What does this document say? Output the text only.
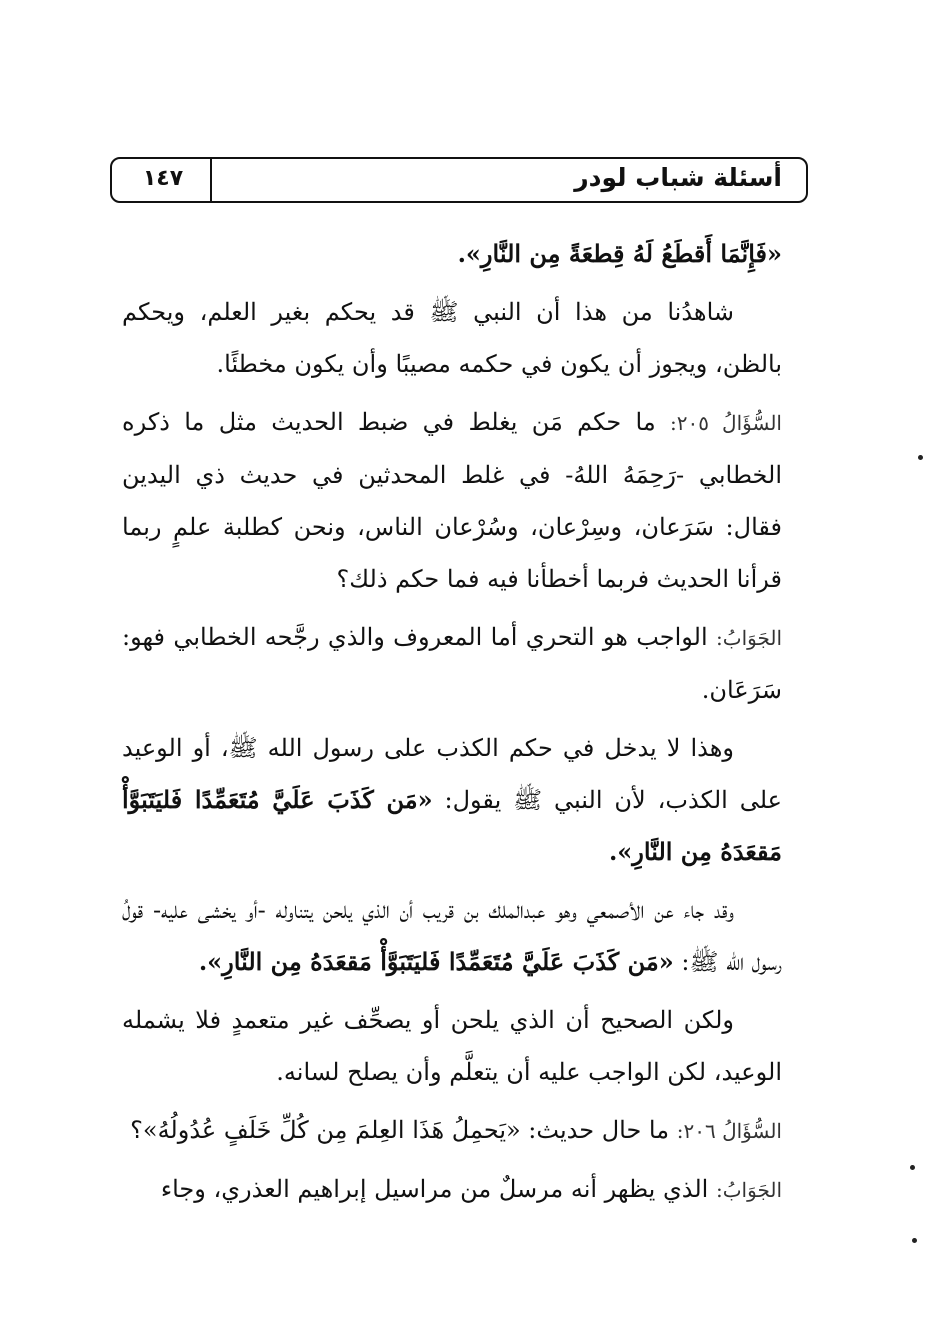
أسئلة شباب لودر
١٤٧

«فَإِنَّمَا أَقطَعُ لَهُ قِطعَةً مِن النَّارِ».

شاهدُنا من هذا أن النبي ﷺ قد يحكم بغير العلم، ويحكم بالظن، ويجوز أن يكون في حكمه مصيبًا وأن يكون مخطئًا.

السُّؤَالُ ٢٠٥: ما حكم مَن يغلط في ضبط الحديث مثل ما ذكره الخطابي -رَحِمَهُ اللهُ- في غلط المحدثين في حديث ذي اليدين فقال: سَرَعان، وسِرْعان، وسُرْعان الناس، ونحن كطلبة علمٍ ربما قرأنا الحديث فربما أخطأنا فيه فما حكم ذلك؟

الجَوَابُ: الواجب هو التحري أما المعروف والذي رجَّحه الخطابي فهو: سَرَعَان.

وهذا لا يدخل في حكم الكذب على رسول الله ﷺ، أو الوعيد على الكذب، لأن النبي ﷺ يقول: «مَن كَذَبَ عَلَيَّ مُتَعَمِّدًا فَليَتَبَوَّأْ مَقعَدَهُ مِن النَّارِ».

وقد جاء عن الأصمعي وهو عبدالملك بن قريب أن الذي يلحن يتناوله -أو يخشى عليه- قولُ رسول الله ﷺ: «مَن كَذَبَ عَلَيَّ مُتَعَمِّدًا فَليَتَبَوَّأْ مَقعَدَهُ مِن النَّارِ».

ولكن الصحيح أن الذي يلحن أو يصحِّف غير متعمدٍ فلا يشمله الوعيد، لكن الواجب عليه أن يتعلَّم وأن يصلح لسانه.

السُّؤَالُ ٢٠٦: ما حال حديث: «يَحمِلُ هَذَا العِلمَ مِن كُلِّ خَلَفٍ عُدُولُهُ»؟

الجَوَابُ: الذي يظهر أنه مرسلٌ من مراسيل إبراهيم العذري، وجاء
